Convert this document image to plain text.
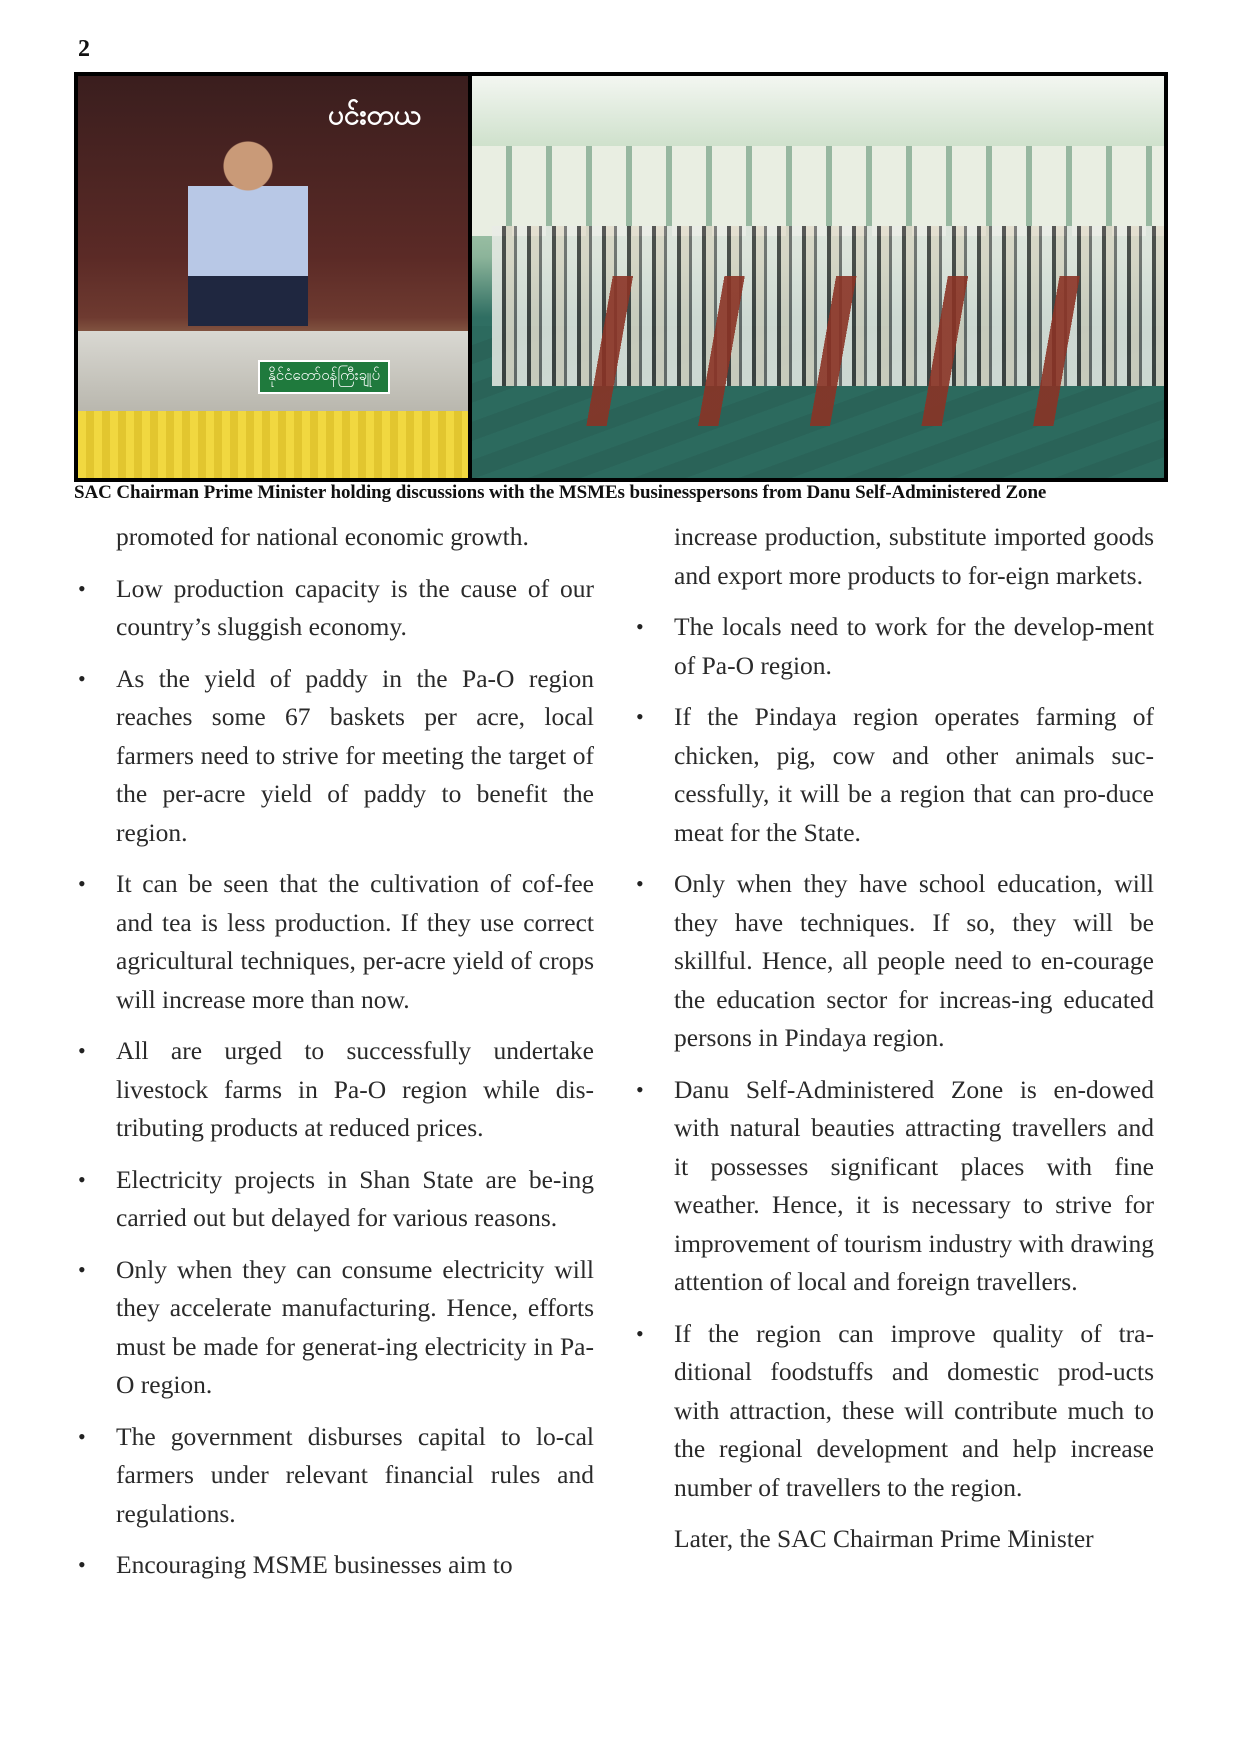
2
ပင်းတယ
နိုင်ငံတော်ဝန်ကြီးချုပ်
SAC Chairman Prime Minister holding discussions with the MSMEs businesspersons from Danu Self-Administered Zone

promoted for national economic growth.

• Low production capacity is the cause of our country’s sluggish economy.
• As the yield of paddy in the Pa-O region reaches some 67 baskets per acre, local farmers need to strive for meeting the target of the per-acre yield of paddy to benefit the region.
• It can be seen that the cultivation of cof-fee and tea is less production. If they use correct agricultural techniques, per-acre yield of crops will increase more than now.
• All are urged to successfully undertake livestock farms in Pa-O region while dis-tributing products at reduced prices.
• Electricity projects in Shan State are be-ing carried out but delayed for various reasons.
• Only when they can consume electricity will they accelerate manufacturing. Hence, efforts must be made for generat-ing electricity in Pa-O region.
• The government disburses capital to lo-cal farmers under relevant financial rules and regulations.
• Encouraging MSME businesses aim to

increase production, substitute imported goods and export more products to for-eign markets.

• The locals need to work for the develop-ment of Pa-O region.
• If the Pindaya region operates farming of chicken, pig, cow and other animals suc-cessfully, it will be a region that can pro-duce meat for the State.
• Only when they have school education, will they have techniques. If so, they will be skillful. Hence, all people need to en-courage the education sector for increas-ing educated persons in Pindaya region.
• Danu Self-Administered Zone is en-dowed with natural beauties attracting travellers and it possesses significant places with fine weather. Hence, it is necessary to strive for improvement of tourism industry with drawing attention of local and foreign travellers.
• If the region can improve quality of tra-ditional foodstuffs and domestic prod-ucts with attraction, these will contribute much to the regional development and help increase number of travellers to the region.

Later, the SAC Chairman Prime Minister
